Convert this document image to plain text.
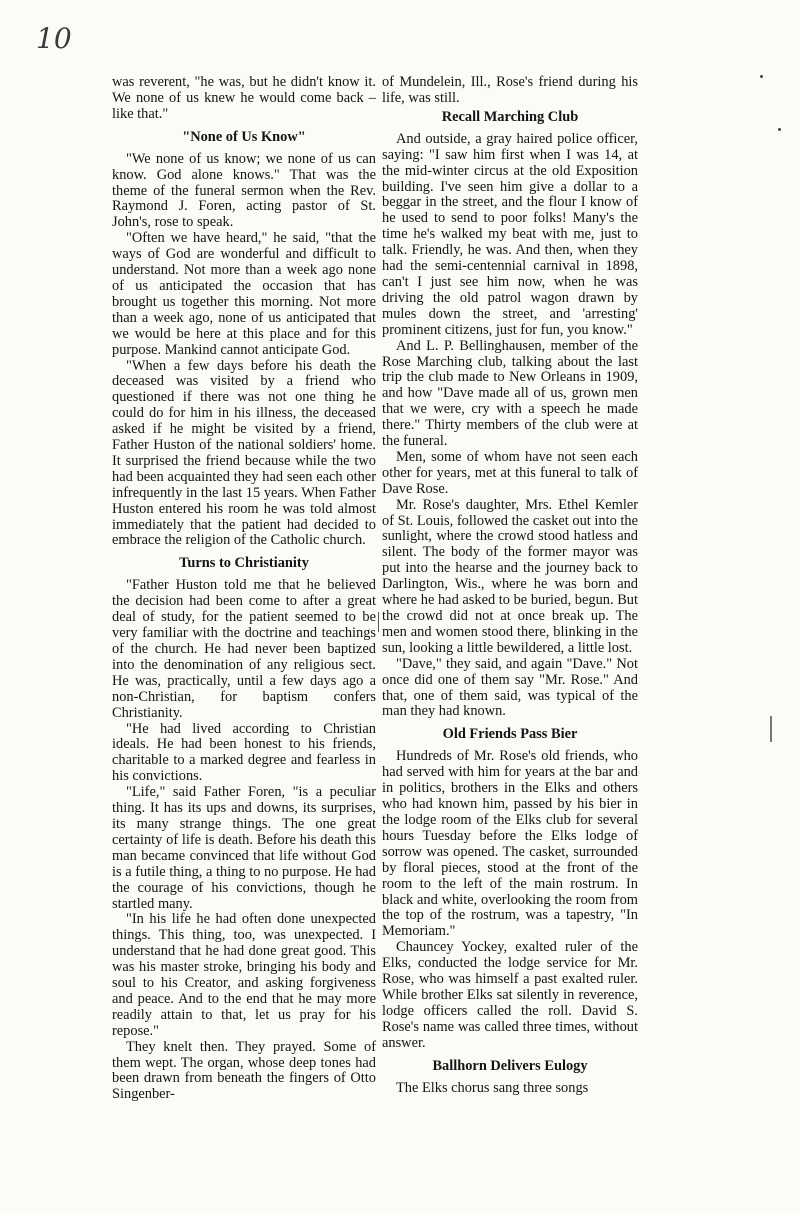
10

was reverent, "he was, but he didn't know it. We none of us knew he would come back – like that."

"None of Us Know"

"We none of us know; we none of us can know. God alone knows." That was the theme of the funeral sermon when the Rev. Raymond J. Foren, acting pastor of St. John's, rose to speak.

"Often we have heard," he said, "that the ways of God are wonderful and difficult to understand. Not more than a week ago none of us anticipated the occasion that has brought us together this morning. Not more than a week ago, none of us anticipated that we would be here at this place and for this purpose. Mankind cannot anticipate God.

"When a few days before his death the deceased was visited by a friend who questioned if there was not one thing he could do for him in his illness, the deceased asked if he might be visited by a friend, Father Huston of the national soldiers' home. It surprised the friend because while the two had been acquainted they had seen each other infrequently in the last 15 years. When Father Huston entered his room he was told almost immediately that the patient had decided to embrace the religion of the Catholic church.

Turns to Christianity

"Father Huston told me that he believed the decision had been come to after a great deal of study, for the patient seemed to be very familiar with the doctrine and teachings of the church. He had never been baptized into the denomination of any religious sect. He was, practically, until a few days ago a non-Christian, for baptism confers Christianity.

"He had lived according to Christian ideals. He had been honest to his friends, charitable to a marked degree and fearless in his convictions.

"Life," said Father Foren, "is a peculiar thing. It has its ups and downs, its surprises, its many strange things. The one great certainty of life is death. Before his death this man became convinced that life without God is a futile thing, a thing to no purpose. He had the courage of his convictions, though he startled many.

"In his life he had often done unexpected things. This thing, too, was unexpected. I understand that he had done great good. This was his master stroke, bringing his body and soul to his Creator, and asking forgiveness and peace. And to the end that he may more readily attain to that, let us pray for his repose."

They knelt then. They prayed. Some of them wept. The organ, whose deep tones had been drawn from beneath the fingers of Otto Singenber-

of Mundelein, Ill., Rose's friend during his life, was still.

Recall Marching Club

And outside, a gray haired police officer, saying: "I saw him first when I was 14, at the mid-winter circus at the old Exposition building. I've seen him give a dollar to a beggar in the street, and the flour I know of he used to send to poor folks! Many's the time he's walked my beat with me, just to talk. Friendly, he was. And then, when they had the semi-centennial carnival in 1898, can't I just see him now, when he was driving the old patrol wagon drawn by mules down the street, and 'arresting' prominent citizens, just for fun, you know."

And L. P. Bellinghausen, member of the Rose Marching club, talking about the last trip the club made to New Orleans in 1909, and how "Dave made all of us, grown men that we were, cry with a speech he made there." Thirty members of the club were at the funeral.

Men, some of whom have not seen each other for years, met at this funeral to talk of Dave Rose.

Mr. Rose's daughter, Mrs. Ethel Kemler of St. Louis, followed the casket out into the sunlight, where the crowd stood hatless and silent. The body of the former mayor was put into the hearse and the journey back to Darlington, Wis., where he was born and where he had asked to be buried, begun. But the crowd did not at once break up. The men and women stood there, blinking in the sun, looking a little bewildered, a little lost.

"Dave," they said, and again "Dave." Not once did one of them say "Mr. Rose." And that, one of them said, was typical of the man they had known.

Old Friends Pass Bier

Hundreds of Mr. Rose's old friends, who had served with him for years at the bar and in politics, brothers in the Elks and others who had known him, passed by his bier in the lodge room of the Elks club for several hours Tuesday before the Elks lodge of sorrow was opened. The casket, surrounded by floral pieces, stood at the front of the room to the left of the main rostrum. In black and white, overlooking the room from the top of the rostrum, was a tapestry, "In Memoriam."

Chauncey Yockey, exalted ruler of the Elks, conducted the lodge service for Mr. Rose, who was himself a past exalted ruler. While brother Elks sat silently in reverence, lodge officers called the roll. David S. Rose's name was called three times, without answer.

Ballhorn Delivers Eulogy

The Elks chorus sang three songs
